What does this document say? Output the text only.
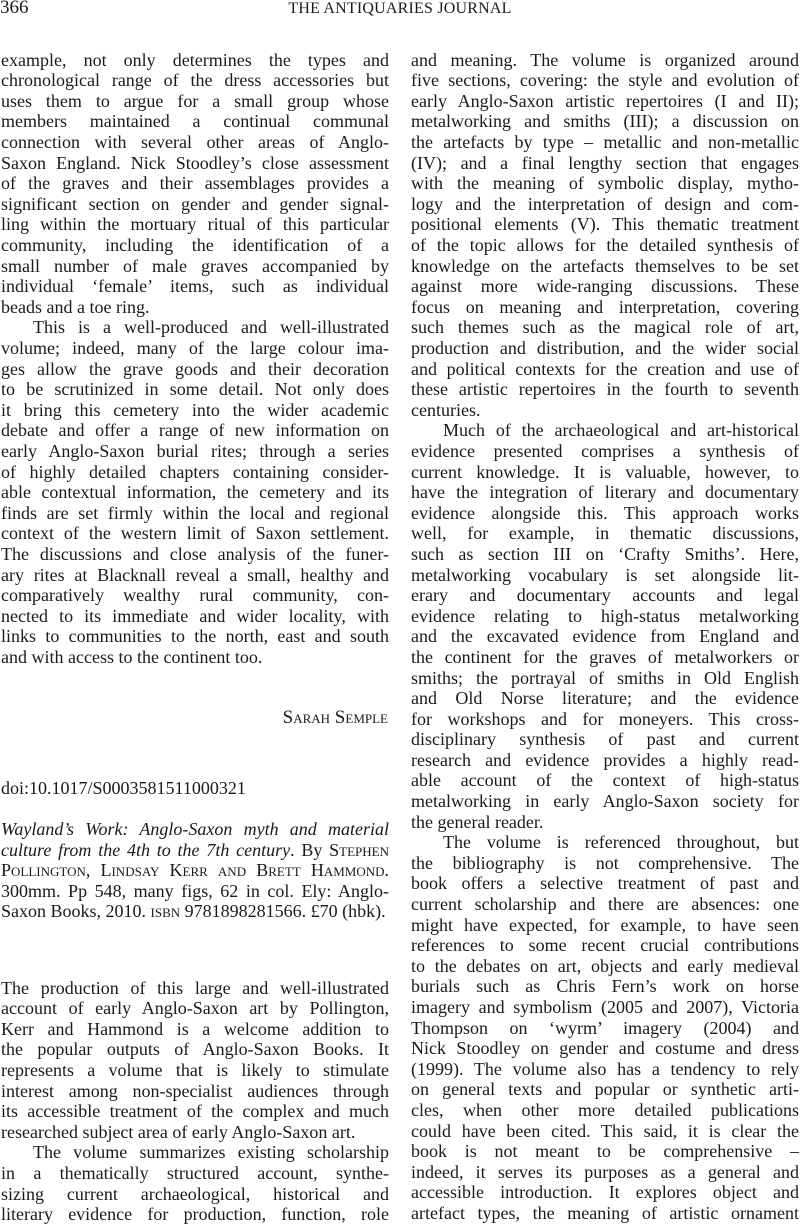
366	THE ANTIQUARIES JOURNAL
example, not only determines the types and
chronological range of the dress accessories but
uses them to argue for a small group whose
members maintained a continual communal
connection with several other areas of Anglo-
Saxon England. Nick Stoodley’s close assessment
of the graves and their assemblages provides a
significant section on gender and gender signal-
ling within the mortuary ritual of this particular
community, including the identification of a
small number of male graves accompanied by
individual ‘female’ items, such as individual
beads and a toe ring.
This is a well-produced and well-illustrated
volume; indeed, many of the large colour ima-
ges allow the grave goods and their decoration
to be scrutinized in some detail. Not only does
it bring this cemetery into the wider academic
debate and offer a range of new information on
early Anglo-Saxon burial rites; through a series
of highly detailed chapters containing consider-
able contextual information, the cemetery and its
finds are set firmly within the local and regional
context of the western limit of Saxon settlement.
The discussions and close analysis of the funer-
ary rites at Blacknall reveal a small, healthy and
comparatively wealthy rural community, con-
nected to its immediate and wider locality, with
links to communities to the north, east and south
and with access to the continent too.
Sarah Semple
doi:10.1017/S0003581511000321
Wayland’s Work: Anglo-Saxon myth and material culture from the 4th to the 7th century. By Stephen Pollington, Lindsay Kerr and Brett Hammond. 300mm. Pp 548, many figs, 62 in col. Ely: Anglo-Saxon Books, 2010. isbn 9781898281566. £70 (hbk).
The production of this large and well-illustrated
account of early Anglo-Saxon art by Pollington,
Kerr and Hammond is a welcome addition to
the popular outputs of Anglo-Saxon Books. It
represents a volume that is likely to stimulate
interest among non-specialist audiences through
its accessible treatment of the complex and much
researched subject area of early Anglo-Saxon art.
The volume summarizes existing scholarship
in a thematically structured account, synthe-
sizing current archaeological, historical and
literary evidence for production, function, role
and meaning. The volume is organized around
five sections, covering: the style and evolution of
early Anglo-Saxon artistic repertoires (I and II);
metalworking and smiths (III); a discussion on
the artefacts by type – metallic and non-metallic
(IV); and a final lengthy section that engages
with the meaning of symbolic display, mytho-
logy and the interpretation of design and com-
positional elements (V). This thematic treatment
of the topic allows for the detailed synthesis of
knowledge on the artefacts themselves to be set
against more wide-ranging discussions. These
focus on meaning and interpretation, covering
such themes such as the magical role of art,
production and distribution, and the wider social
and political contexts for the creation and use of
these artistic repertoires in the fourth to seventh
centuries.
Much of the archaeological and art-historical
evidence presented comprises a synthesis of
current knowledge. It is valuable, however, to
have the integration of literary and documentary
evidence alongside this. This approach works
well, for example, in thematic discussions,
such as section III on ‘Crafty Smiths’. Here,
metalworking vocabulary is set alongside lit-
erary and documentary accounts and legal
evidence relating to high-status metalworking
and the excavated evidence from England and
the continent for the graves of metalworkers or
smiths; the portrayal of smiths in Old English
and Old Norse literature; and the evidence
for workshops and for moneyers. This cross-
disciplinary synthesis of past and current
research and evidence provides a highly read-
able account of the context of high-status
metalworking in early Anglo-Saxon society for
the general reader.
The volume is referenced throughout, but
the bibliography is not comprehensive. The
book offers a selective treatment of past and
current scholarship and there are absences: one
might have expected, for example, to have seen
references to some recent crucial contributions
to the debates on art, objects and early medieval
burials such as Chris Fern’s work on horse
imagery and symbolism (2005 and 2007), Victoria
Thompson on ‘wyrm’ imagery (2004) and
Nick Stoodley on gender and costume and dress
(1999). The volume also has a tendency to rely
on general texts and popular or synthetic arti-
cles, when other more detailed publications
could have been cited. This said, it is clear the
book is not meant to be comprehensive –
indeed, it serves its purposes as a general and
accessible introduction. It explores object and
artefact types, the meaning of artistic ornament
